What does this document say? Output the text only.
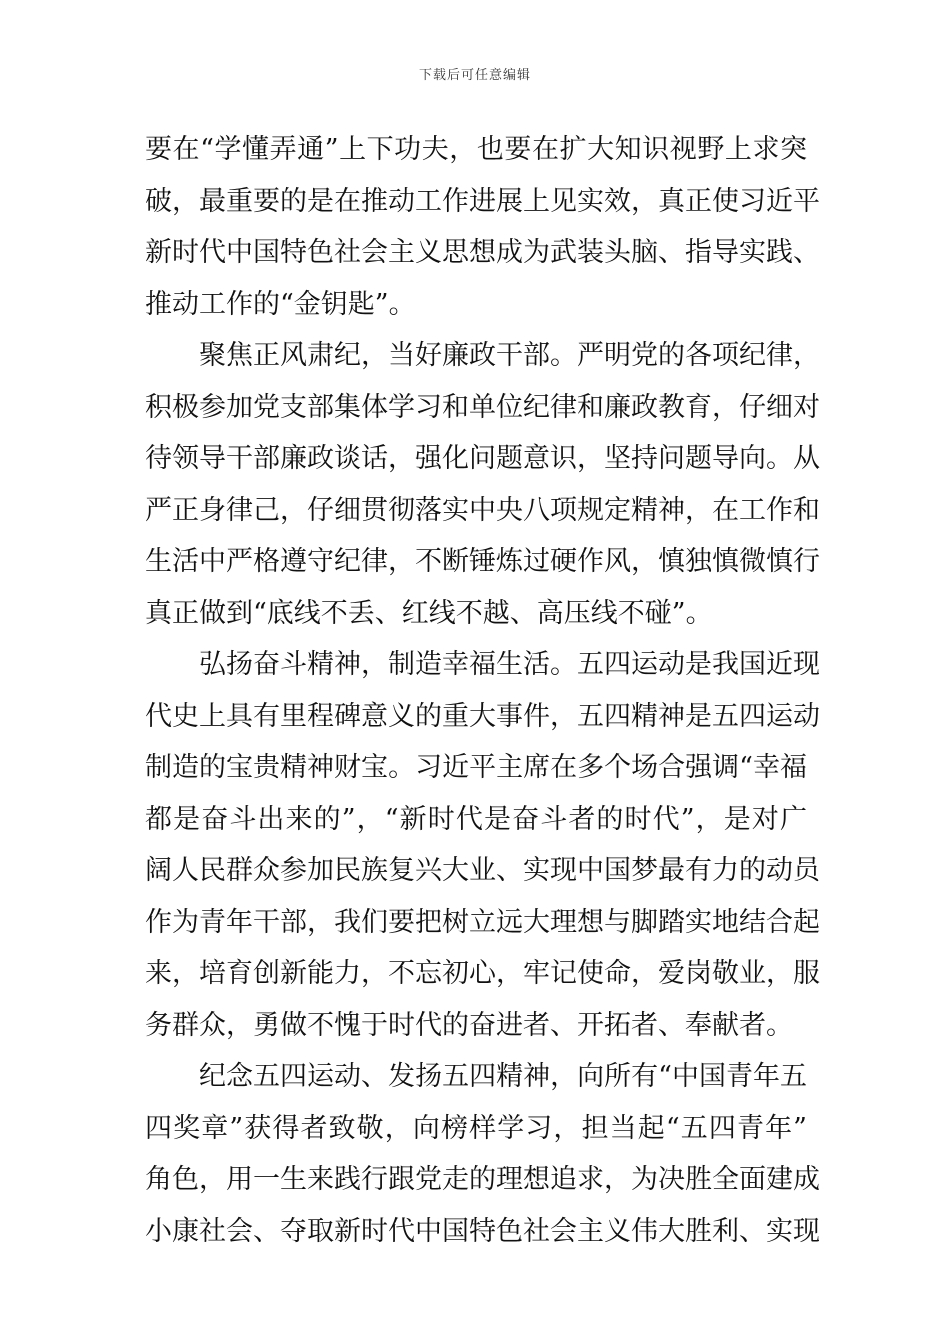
下载后可任意编辑
要在“学懂弄通”上下功夫，也要在扩大知识视野上求突
破，最重要的是在推动工作进展上见实效，真正使习近平
新时代中国特色社会主义思想成为武装头脑、指导实践、
推动工作的“金钥匙”。
聚焦正风肃纪，当好廉政干部。严明党的各项纪律，
积极参加党支部集体学习和单位纪律和廉政教育，仔细对
待领导干部廉政谈话，强化问题意识，坚持问题导向。从
严正身律己，仔细贯彻落实中央八项规定精神，在工作和
生活中严格遵守纪律，不断锤炼过硬作风，慎独慎微慎行
真正做到“底线不丢、红线不越、高压线不碰”。
弘扬奋斗精神，制造幸福生活。五四运动是我国近现
代史上具有里程碑意义的重大事件，五四精神是五四运动
制造的宝贵精神财宝。习近平主席在多个场合强调“幸福
都是奋斗出来的”，“新时代是奋斗者的时代”，是对广
阔人民群众参加民族复兴大业、实现中国梦最有力的动员
作为青年干部，我们要把树立远大理想与脚踏实地结合起
来，培育创新能力，不忘初心，牢记使命，爱岗敬业，服
务群众，勇做不愧于时代的奋进者、开拓者、奉献者。
纪念五四运动、发扬五四精神，向所有“中国青年五
四奖章”获得者致敬，向榜样学习，担当起“五四青年”
角色，用一生来践行跟党走的理想追求，为决胜全面建成
小康社会、夺取新时代中国特色社会主义伟大胜利、实现
